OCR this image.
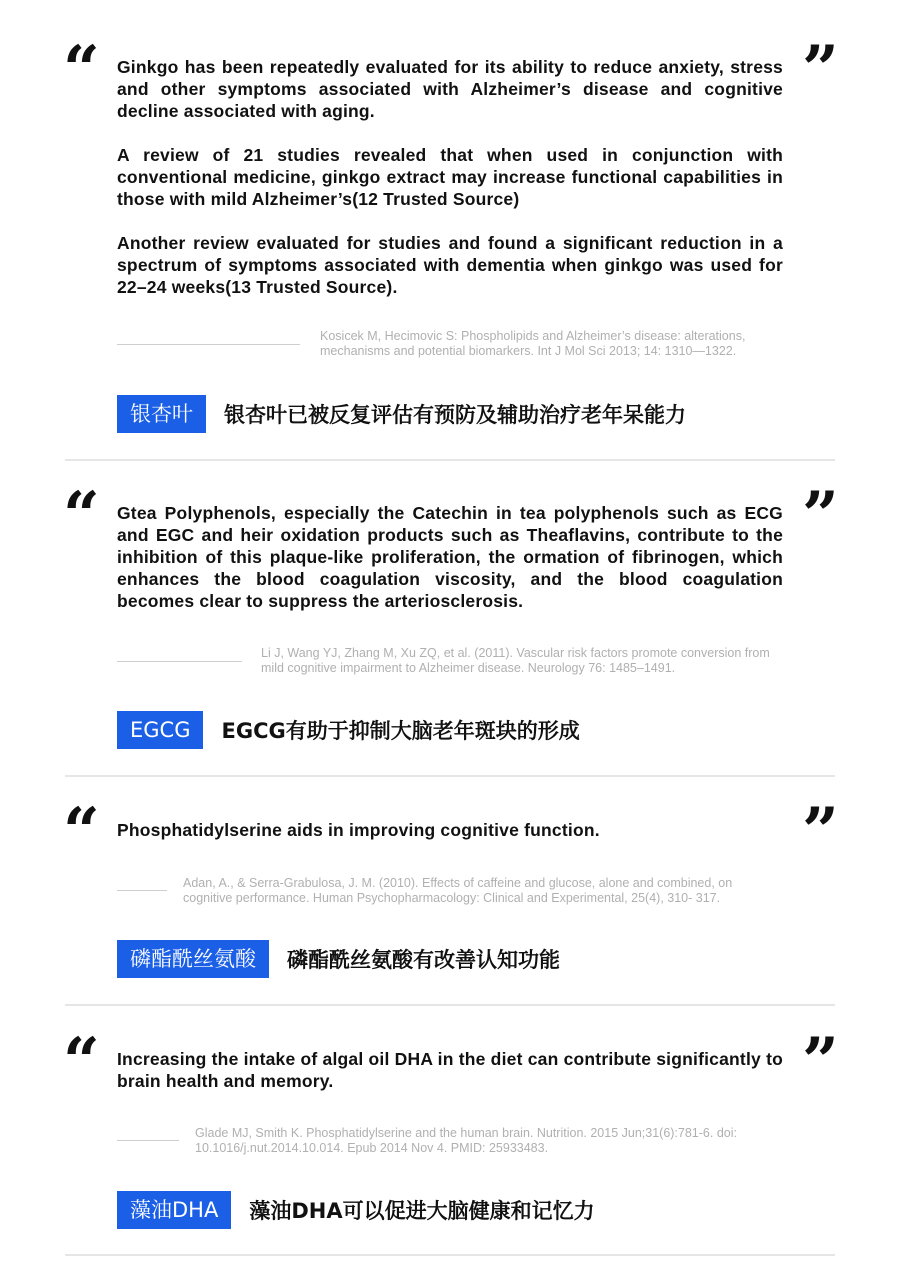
“	”

Ginkgo has been repeatedly evaluated for its ability to reduce anxiety, stress and other symptoms associated with Alzheimer’s disease and cognitive decline associated with aging.

A review of 21 studies revealed that when used in conjunction with conventional medicine, ginkgo extract may increase functional capabilities in those with mild Alzheimer’s(12 Trusted Source)

Another review evaluated for studies and found a significant reduction in a spectrum of symptoms associated with dementia when ginkgo was used for 22–24 weeks(13 Trusted Source).

Kosicek M, Hecimovic S: Phospholipids and Alzheimer’s disease: alterations, mechanisms and potential biomarkers. Int J Mol Sci 2013; 14: 1310—1322.
银杏叶	银杏叶已被反复评估有预防及辅助治疗老年呆能力
“	”

Gtea Polyphenols, especially the Catechin in tea polyphenols such as ECG and EGC and heir oxidation products such as Theaflavins, contribute to the inhibition of this plaque-like proliferation, the ormation of fibrinogen, which enhances the blood coagulation viscosity, and the blood coagulation becomes clear to suppress the arteriosclerosis.

Li J, Wang YJ, Zhang M, Xu ZQ, et al. (2011). Vascular risk factors promote conversion from mild cognitive impairment to Alzheimer disease. Neurology 76: 1485–1491.
EGCG	EGCG有助于抑制大脑老年斑块的形成
“	”

Phosphatidylserine aids in improving cognitive function.

Adan, A., & Serra‐Grabulosa, J. M. (2010). Effects of caffeine and glucose, alone and combined, on cognitive performance. Human Psychopharmacology: Clinical and Experimental, 25(4), 310‐ 317.
磷酯酰丝氨酸	磷酯酰丝氨酸有改善认知功能
“	”

Increasing the intake of algal oil DHA in the diet can contribute significantly to brain health and memory.

Glade MJ, Smith K. Phosphatidylserine and the human brain. Nutrition. 2015 Jun;31(6):781-6. doi: 10.1016/j.nut.2014.10.014. Epub 2014 Nov 4. PMID: 25933483.
藻油DHA	藻油DHA可以促进大脑健康和记忆力
